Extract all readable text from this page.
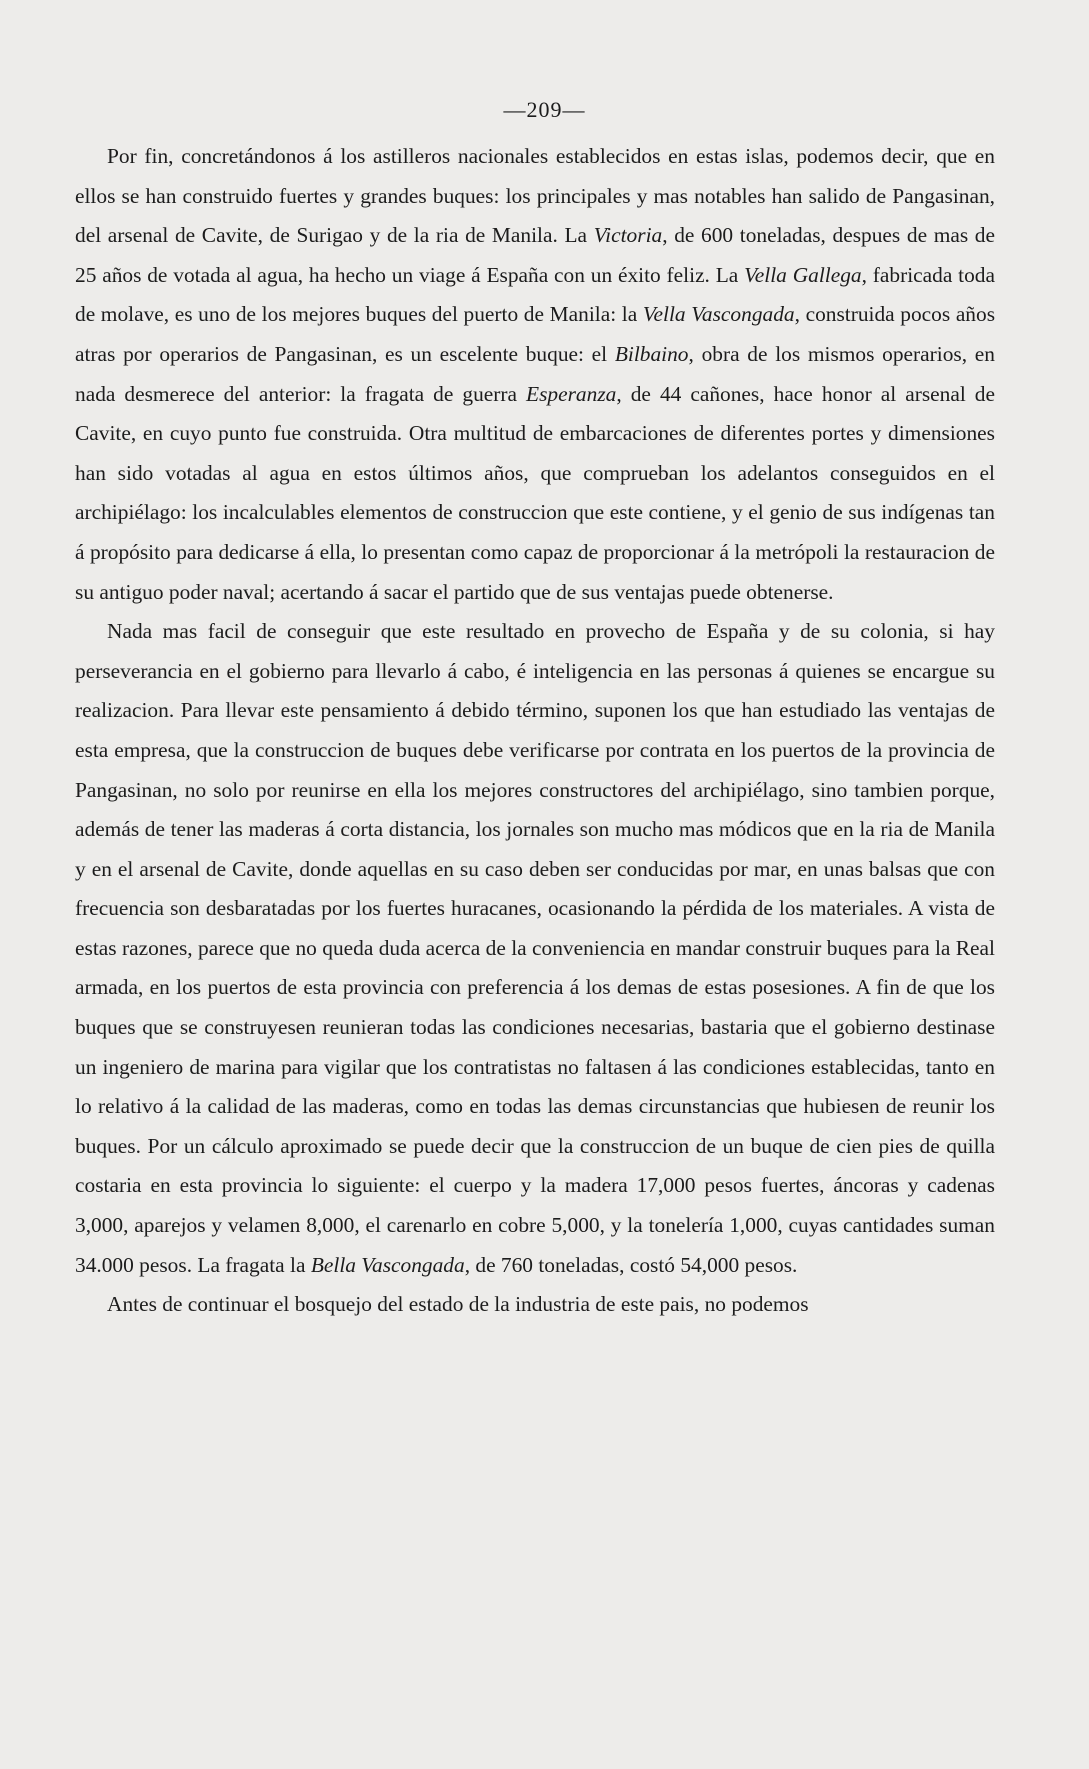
—209—

Por fin, concretándonos á los astilleros nacionales establecidos en estas islas, podemos decir, que en ellos se han construido fuertes y grandes buques: los principales y mas notables han salido de Pangasinan, del arsenal de Cavite, de Surigao y de la ria de Manila. La Victoria, de 600 toneladas, despues de mas de 25 años de votada al agua, ha hecho un viage á España con un éxito feliz. La Vella Gallega, fabricada toda de molave, es uno de los mejores buques del puerto de Manila: la Vella Vascongada, construida pocos años atras por operarios de Pangasinan, es un escelente buque: el Bilbaino, obra de los mismos operarios, en nada desmerece del anterior: la fragata de guerra Esperanza, de 44 cañones, hace honor al arsenal de Cavite, en cuyo punto fue construida. Otra multitud de embarcaciones de diferentes portes y dimensiones han sido votadas al agua en estos últimos años, que comprueban los adelantos conseguidos en el archipiélago: los incalculables elementos de construccion que este contiene, y el genio de sus indígenas tan á propósito para dedicarse á ella, lo presentan como capaz de proporcionar á la metrópoli la restauracion de su antiguo poder naval; acertando á sacar el partido que de sus ventajas puede obtenerse.

Nada mas facil de conseguir que este resultado en provecho de España y de su colonia, si hay perseverancia en el gobierno para llevarlo á cabo, é inteligencia en las personas á quienes se encargue su realizacion. Para llevar este pensamiento á debido término, suponen los que han estudiado las ventajas de esta empresa, que la construccion de buques debe verificarse por contrata en los puertos de la provincia de Pangasinan, no solo por reunirse en ella los mejores constructores del archipiélago, sino tambien porque, además de tener las maderas á corta distancia, los jornales son mucho mas módicos que en la ria de Manila y en el arsenal de Cavite, donde aquellas en su caso deben ser conducidas por mar, en unas balsas que con frecuencia son desbaratadas por los fuertes huracanes, ocasionando la pérdida de los materiales. A vista de estas razones, parece que no queda duda acerca de la conveniencia en mandar construir buques para la Real armada, en los puertos de esta provincia con preferencia á los demas de estas posesiones. A fin de que los buques que se construyesen reunieran todas las condiciones necesarias, bastaria que el gobierno destinase un ingeniero de marina para vigilar que los contratistas no faltasen á las condiciones establecidas, tanto en lo relativo á la calidad de las maderas, como en todas las demas circunstancias que hubiesen de reunir los buques. Por un cálculo aproximado se puede decir que la construccion de un buque de cien pies de quilla costaria en esta provincia lo siguiente: el cuerpo y la madera 17,000 pesos fuertes, áncoras y cadenas 3,000, aparejos y velamen 8,000, el carenarlo en cobre 5,000, y la tonelería 1,000, cuyas cantidades suman 34.000 pesos. La fragata la Bella Vascongada, de 760 toneladas, costó 54,000 pesos.

Antes de continuar el bosquejo del estado de la industria de este pais, no podemos
